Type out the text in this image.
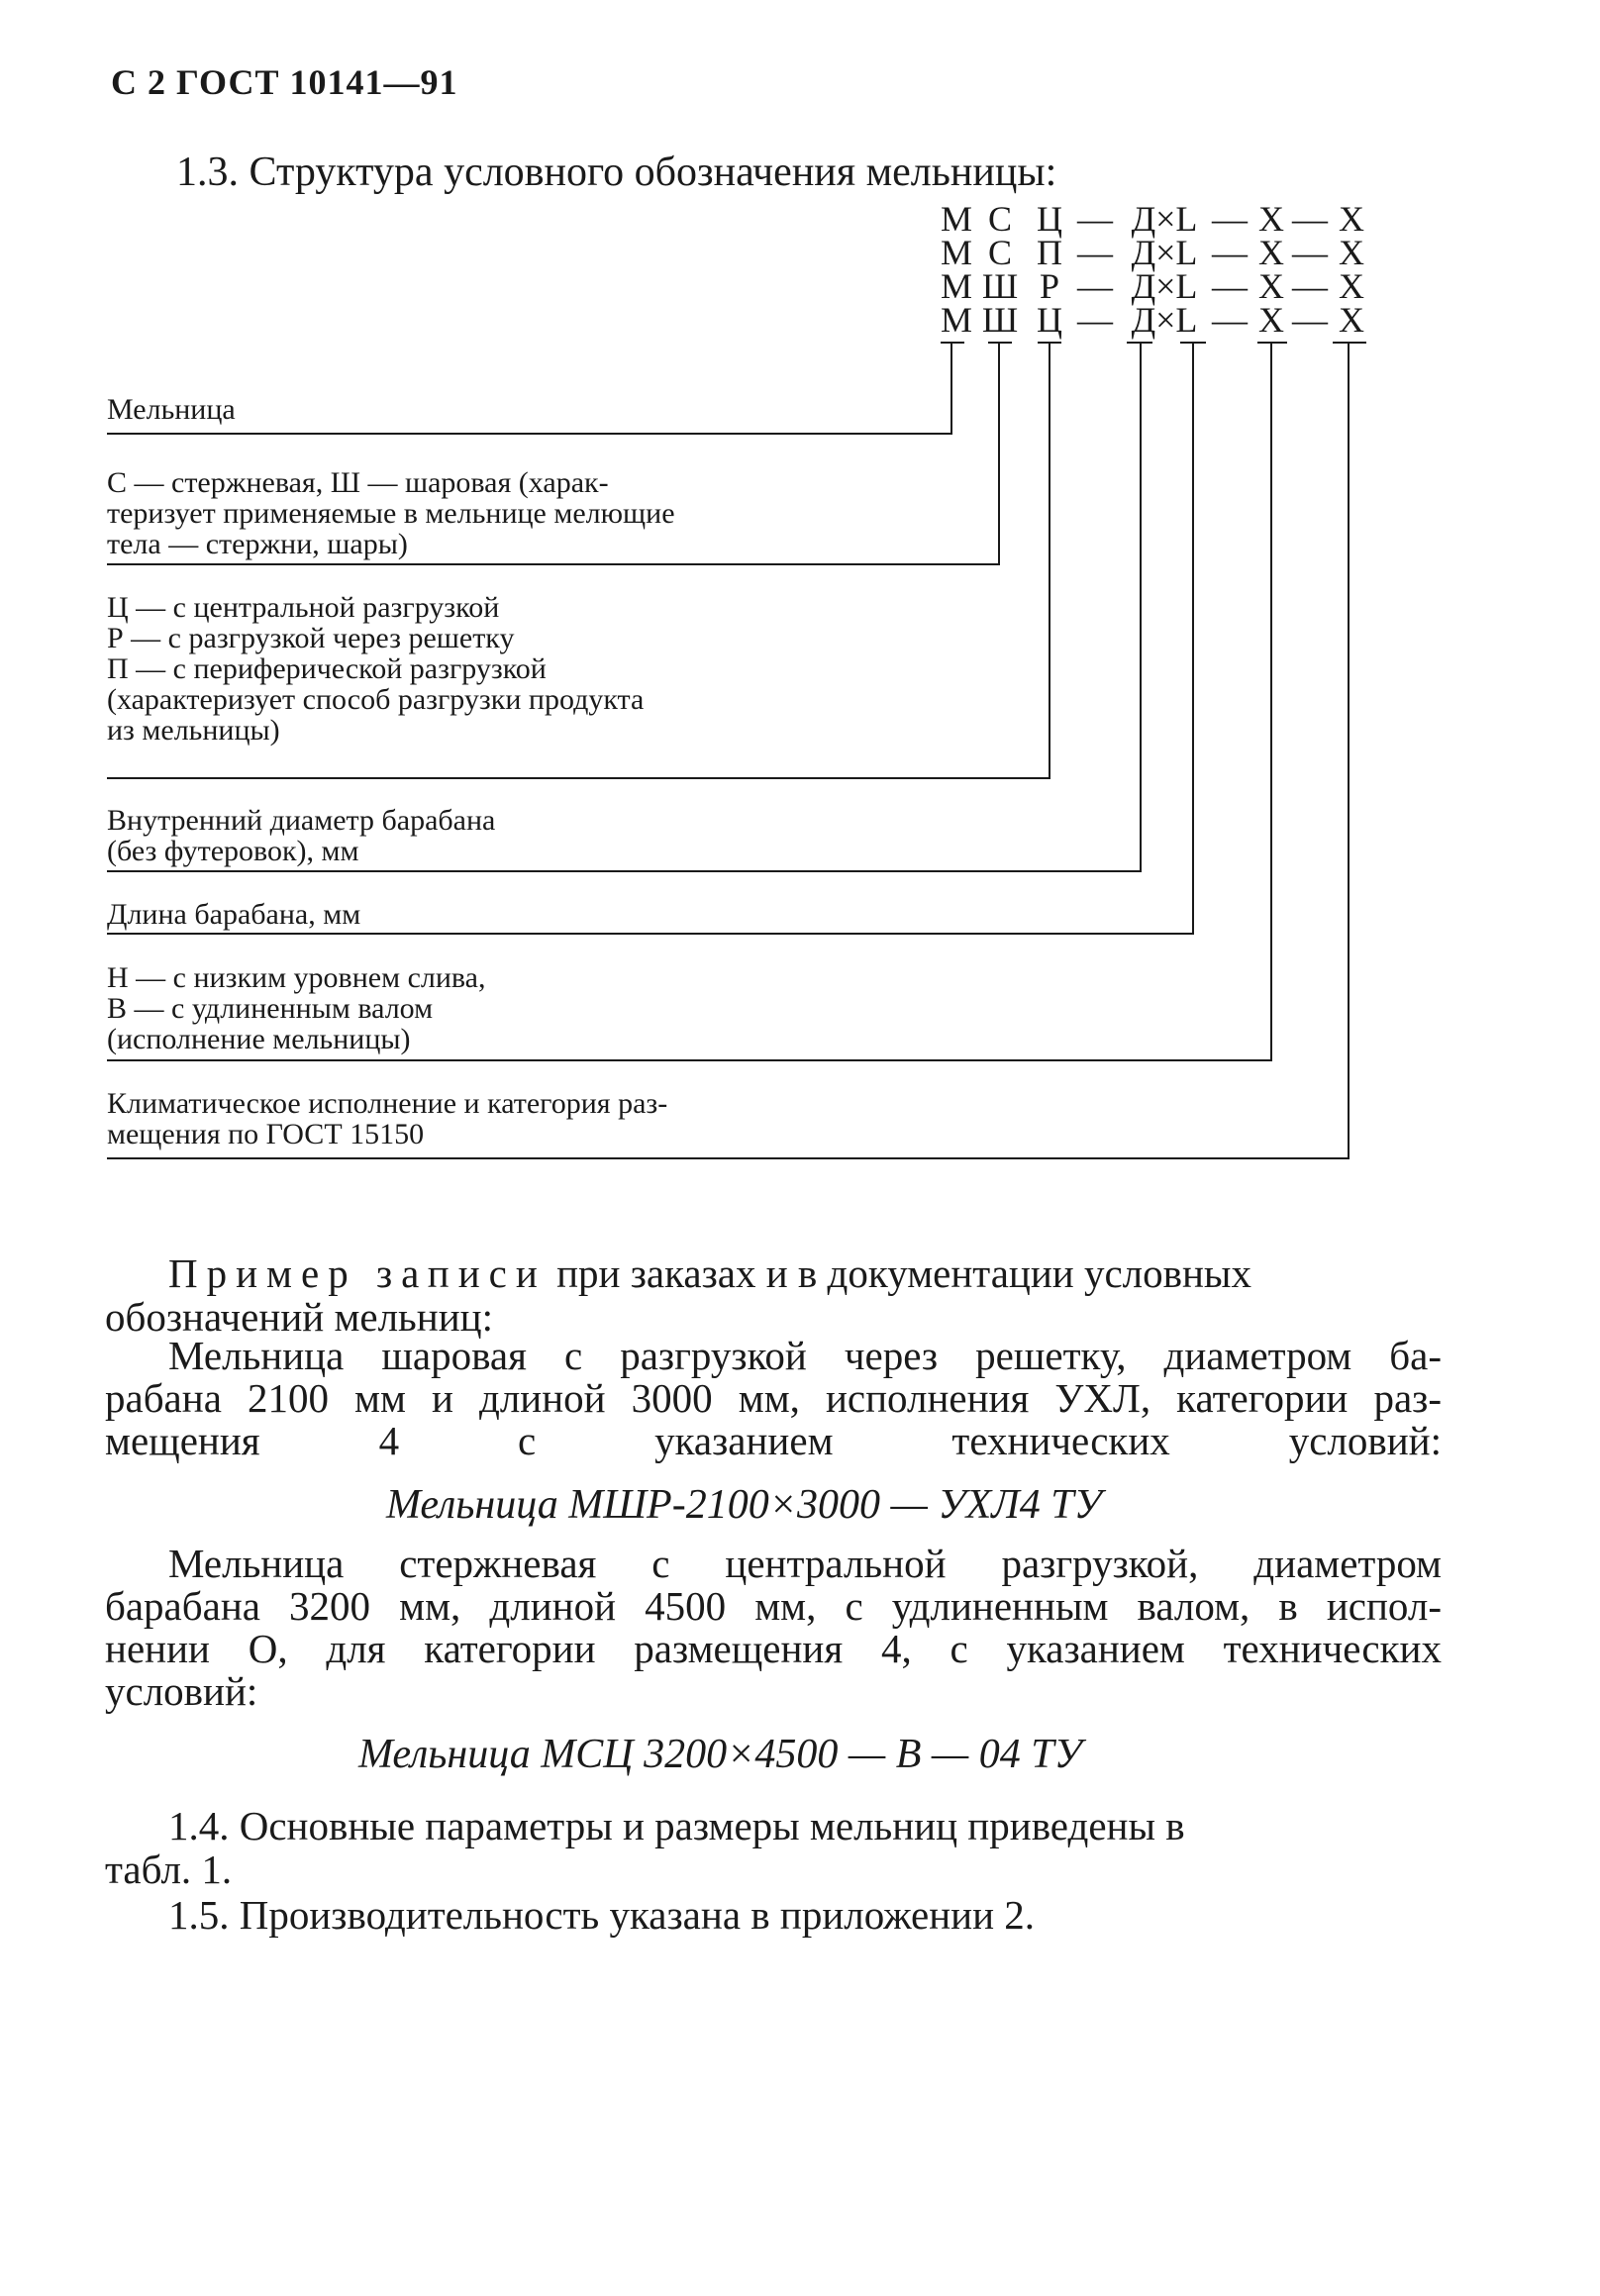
С 2 ГОСТ 10141—91
1.3. Структура условного обозначения мельницы:
М
М
М
М
С
С
Ш
Ш
Ц
П
Р
Ц
—
—
—
—
Д×L
Д×L
Д×L
Д×L
—
—
—
—
Х
Х
Х
Х
—
—
—
—
Х
Х
Х
Х
Мельница
С — стержневая, Ш — шаровая (харак-
теризует применяемые в мельнице мелющие
тела — стержни, шары)
Ц — с центральной разгрузкой
Р — с разгрузкой через решетку
П — с периферической разгрузкой
(характеризует способ разгрузки продукта
из мельницы)
Внутренний диаметр барабана
(без футеровок), мм
Длина барабана, мм
Н — с низким уровнем слива,
В — с удлиненным валом
(исполнение мельницы)
Климатическое исполнение и категория раз-
мещения по ГОСТ 15150
Пример записи при заказах и в документации условных
обозначений мельниц:
Мельница шаровая с разгрузкой через решетку, диаметром ба-
рабана 2100 мм и длиной 3000 мм, исполнения УХЛ, категории раз-
мещения 4 с указанием технических условий:
Мельница МШР-2100×3000 — УХЛ4 ТУ
Мельница стержневая с центральной разгрузкой, диаметром
барабана 3200 мм, длиной 4500 мм, с удлиненным валом, в испол-
нении О, для категории размещения 4, с указанием технических
условий:
Мельница МСЦ 3200×4500 — В — 04 ТУ
1.4. Основные параметры и размеры мельниц приведены в
табл. 1.
1.5. Производительность указана в приложении 2.
